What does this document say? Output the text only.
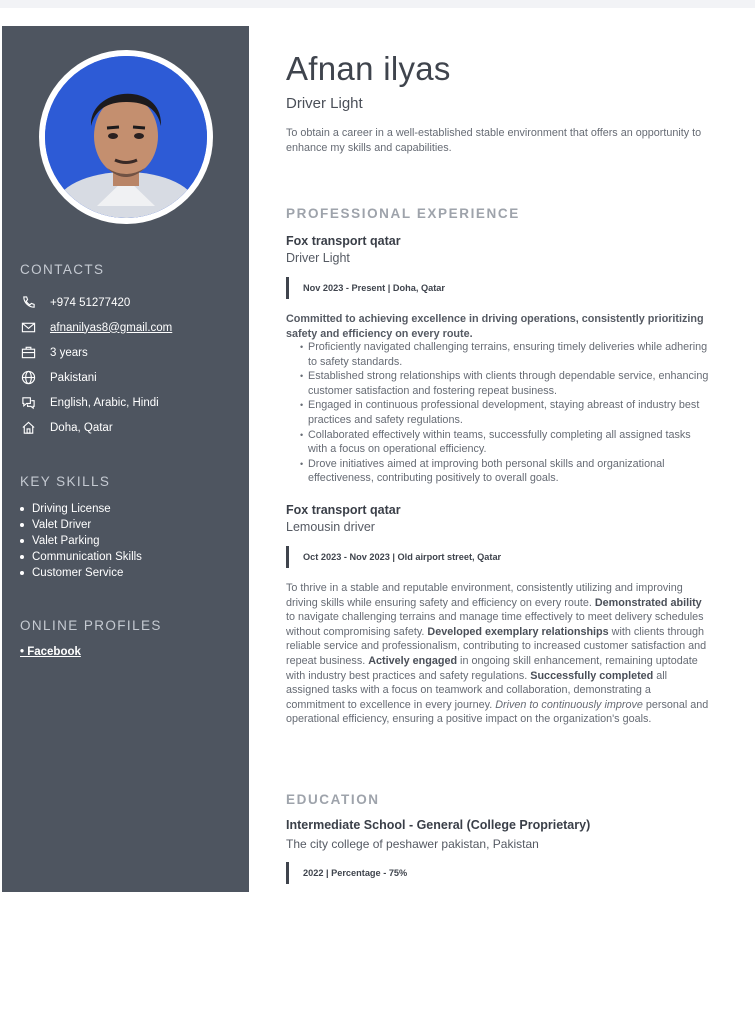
CONTACTS
+974 51277420
afnanilyas8@gmail.com
3 years
Pakistani
English, Arabic, Hindi
Doha, Qatar
KEY SKILLS
Driving License
Valet Driver
Valet Parking
Communication Skills
Customer Service
ONLINE PROFILES
• Facebook
Afnan ilyas
Driver Light
To obtain a career in a well-established stable environment that offers an opportunity to
enhance my skills and capabilities.
PROFESSIONAL EXPERIENCE
Fox transport qatar
Driver Light
Nov 2023 - Present | Doha, Qatar
Committed to achieving excellence in driving operations, consistently prioritizing safety and efficiency on every route.
• Proficiently navigated challenging terrains, ensuring timely deliveries while adhering to safety standards.
• Established strong relationships with clients through dependable service, enhancing customer satisfaction and fostering repeat business.
• Engaged in continuous professional development, staying abreast of industry best practices and safety regulations.
• Collaborated effectively within teams, successfully completing all assigned tasks with a focus on operational efficiency.
• Drove initiatives aimed at improving both personal skills and organizational effectiveness, contributing positively to overall goals.
Fox transport qatar
Lemousin driver
Oct 2023 - Nov 2023 | Old airport street, Qatar
To thrive in a stable and reputable environment, consistently utilizing and improving driving skills while ensuring safety and efficiency on every route. Demonstrated ability to navigate challenging terrains and manage time effectively to meet delivery schedules without compromising safety. Developed exemplary relationships with clients through reliable service and professionalism, contributing to increased customer satisfaction and repeat business. Actively engaged in ongoing skill enhancement, remaining uptodate with industry best practices and safety regulations. Successfully completed all assigned tasks with a focus on teamwork and collaboration, demonstrating a commitment to excellence in every journey. Driven to continuously improve personal and operational efficiency, ensuring a positive impact on the organization's goals.
EDUCATION
Intermediate School - General (College Proprietary)
The city college of peshawer pakistan, Pakistan
2022 | Percentage - 75%
